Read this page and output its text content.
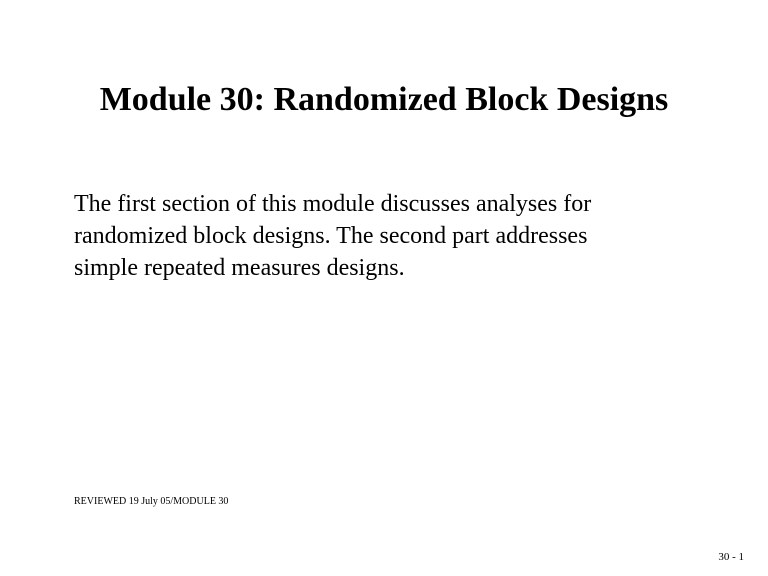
Module 30: Randomized Block Designs
The first section of this module discusses analyses for
randomized block designs. The second part addresses
simple repeated measures designs.
REVIEWED 19 July 05/MODULE 30
30 - 1
